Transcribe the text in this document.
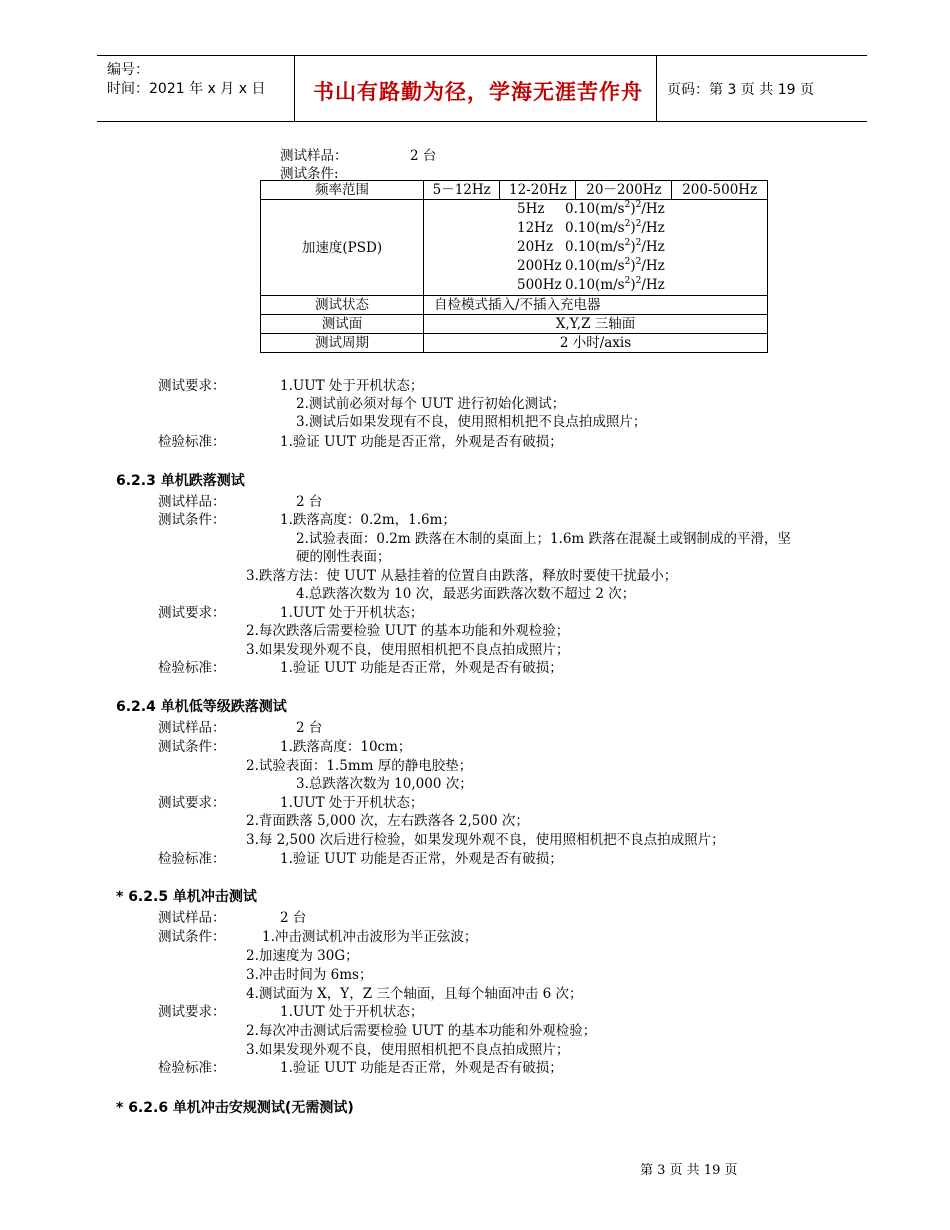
编号：
时间：2021 年 x 月 x 日 书山有路勤为径，学海无涯苦作舟 页码：第 3 页 共 19 页
测试样品：	2 台
测试条件:
频率范围	5－12Hz	12-20Hz	20－200Hz	200-500Hz
加速度(PSD)	5Hz $0.10(m/s^2)^2/Hz$
12Hz $0.10(m/s^2)^2/Hz$
20Hz $0.10(m/s^2)^2/Hz$
200Hz $0.10(m/s^2)^2/Hz$
500Hz $0.10(m/s^2)^2/Hz$			

测试状态	自检模式插入/不插入充电器			
测试面	X,Y,Z 三轴面			
测试周期	2 小时/axis			
测试要求：	1.UUT 处于开机状态；
2.测试前必须对每个 UUT 进行初始化测试；
3.测试后如果发现有不良，使用照相机把不良点拍成照片；
检验标准：	1.验证 UUT 功能是否正常，外观是否有破损；
6.2.3 单机跌落测试
测试样品：	2 台
测试条件：	1.跌落高度：0.2m，1.6m；
2.试验表面：0.2m 跌落在木制的桌面上；1.6m 跌落在混凝土或钢制成的平滑，坚
硬的刚性表面；
3.跌落方法：使 UUT 从悬挂着的位置自由跌落，释放时要使干扰最小；
4.总跌落次数为 10 次，最恶劣面跌落次数不超过 2 次；
测试要求：	1.UUT 处于开机状态；
2.每次跌落后需要检验 UUT 的基本功能和外观检验；
3.如果发现外观不良，使用照相机把不良点拍成照片；
检验标准：	1.验证 UUT 功能是否正常，外观是否有破损；
6.2.4 单机低等级跌落测试
测试样品：	2 台
测试条件：	1.跌落高度：10cm；
2.试验表面：1.5mm 厚的静电胶垫；
3.总跌落次数为 10,000 次；
测试要求：	1.UUT 处于开机状态；
2.背面跌落 5,000 次，左右跌落各 2,500 次；
3.每 2,500 次后进行检验，如果发现外观不良，使用照相机把不良点拍成照片；
检验标准：	1.验证 UUT 功能是否正常，外观是否有破损；
* 6.2.5 单机冲击测试
测试样品：	2 台
测试条件：	1.冲击测试机冲击波形为半正弦波；
2.加速度为 30G；
3.冲击时间为 6ms；
4.测试面为 X，Y，Z 三个轴面，且每个轴面冲击 6 次；
测试要求：	1.UUT 处于开机状态；
2.每次冲击测试后需要检验 UUT 的基本功能和外观检验；
3.如果发现外观不良，使用照相机把不良点拍成照片；
检验标准：	1.验证 UUT 功能是否正常，外观是否有破损；
* 6.2.6 单机冲击安规测试(无需测试)
第 3 页 共 19 页
